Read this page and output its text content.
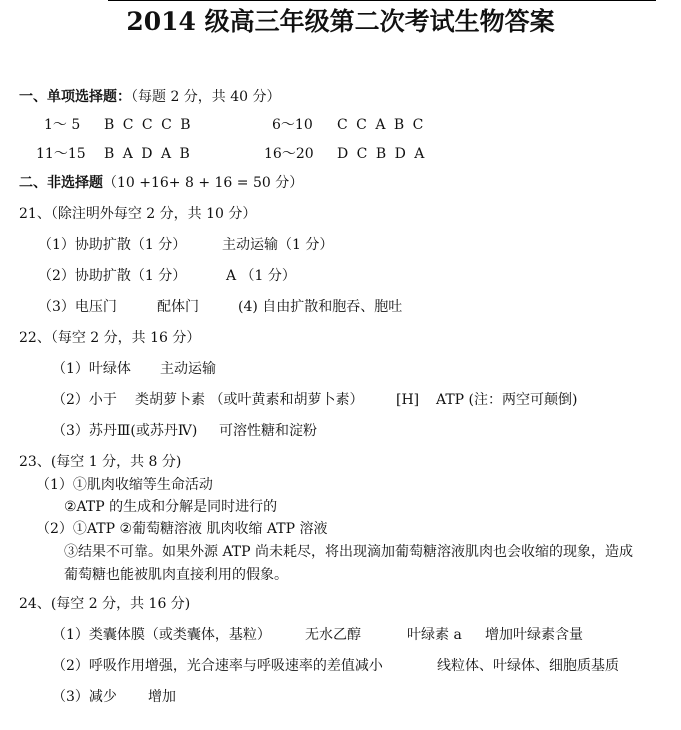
2014 级高三年级第二次考试生物答案
一、单项选择题：（每题 2 分，共 40 分）
1～ 5 B C C C B	6～10 C C A B C
11～15 B A D A B	16～20 D C B D A
二、非选择题（10 +16+ 8 + 16 = 50 分）
21、（除注明外每空 2 分，共 10 分）
（1）协助扩散（1 分）	主动运输（1 分）
（2）协助扩散（1 分）	A （1 分）
（3）电压门	配体门	(4) 自由扩散和胞吞、胞吐
22、（每空 2 分，共 16 分）
（1）叶绿体 主动运输
（2）小于 类胡萝卜素 （或叶黄素和胡萝卜素） [H] ATP (注：两空可颠倒)
（3）苏丹Ⅲ(或苏丹Ⅳ) 可溶性糖和淀粉
23、(每空 1 分，共 8 分)
（1）①肌肉收缩等生命活动
②ATP 的生成和分解是同时进行的
（2）①ATP ②葡萄糖溶液 肌肉收缩 ATP 溶液
③结果不可靠。如果外源 ATP 尚未耗尽，将出现滴加葡萄糖溶液肌肉也会收缩的现象，造成
葡萄糖也能被肌肉直接利用的假象。
24、(每空 2 分，共 16 分)
（1）类囊体膜（或类囊体，基粒） 无水乙醇	叶绿素 a 增加叶绿素含量
（2）呼吸作用增强，光合速率与呼吸速率的差值减小	线粒体、叶绿体、细胞质基质
（3）减少 增加
